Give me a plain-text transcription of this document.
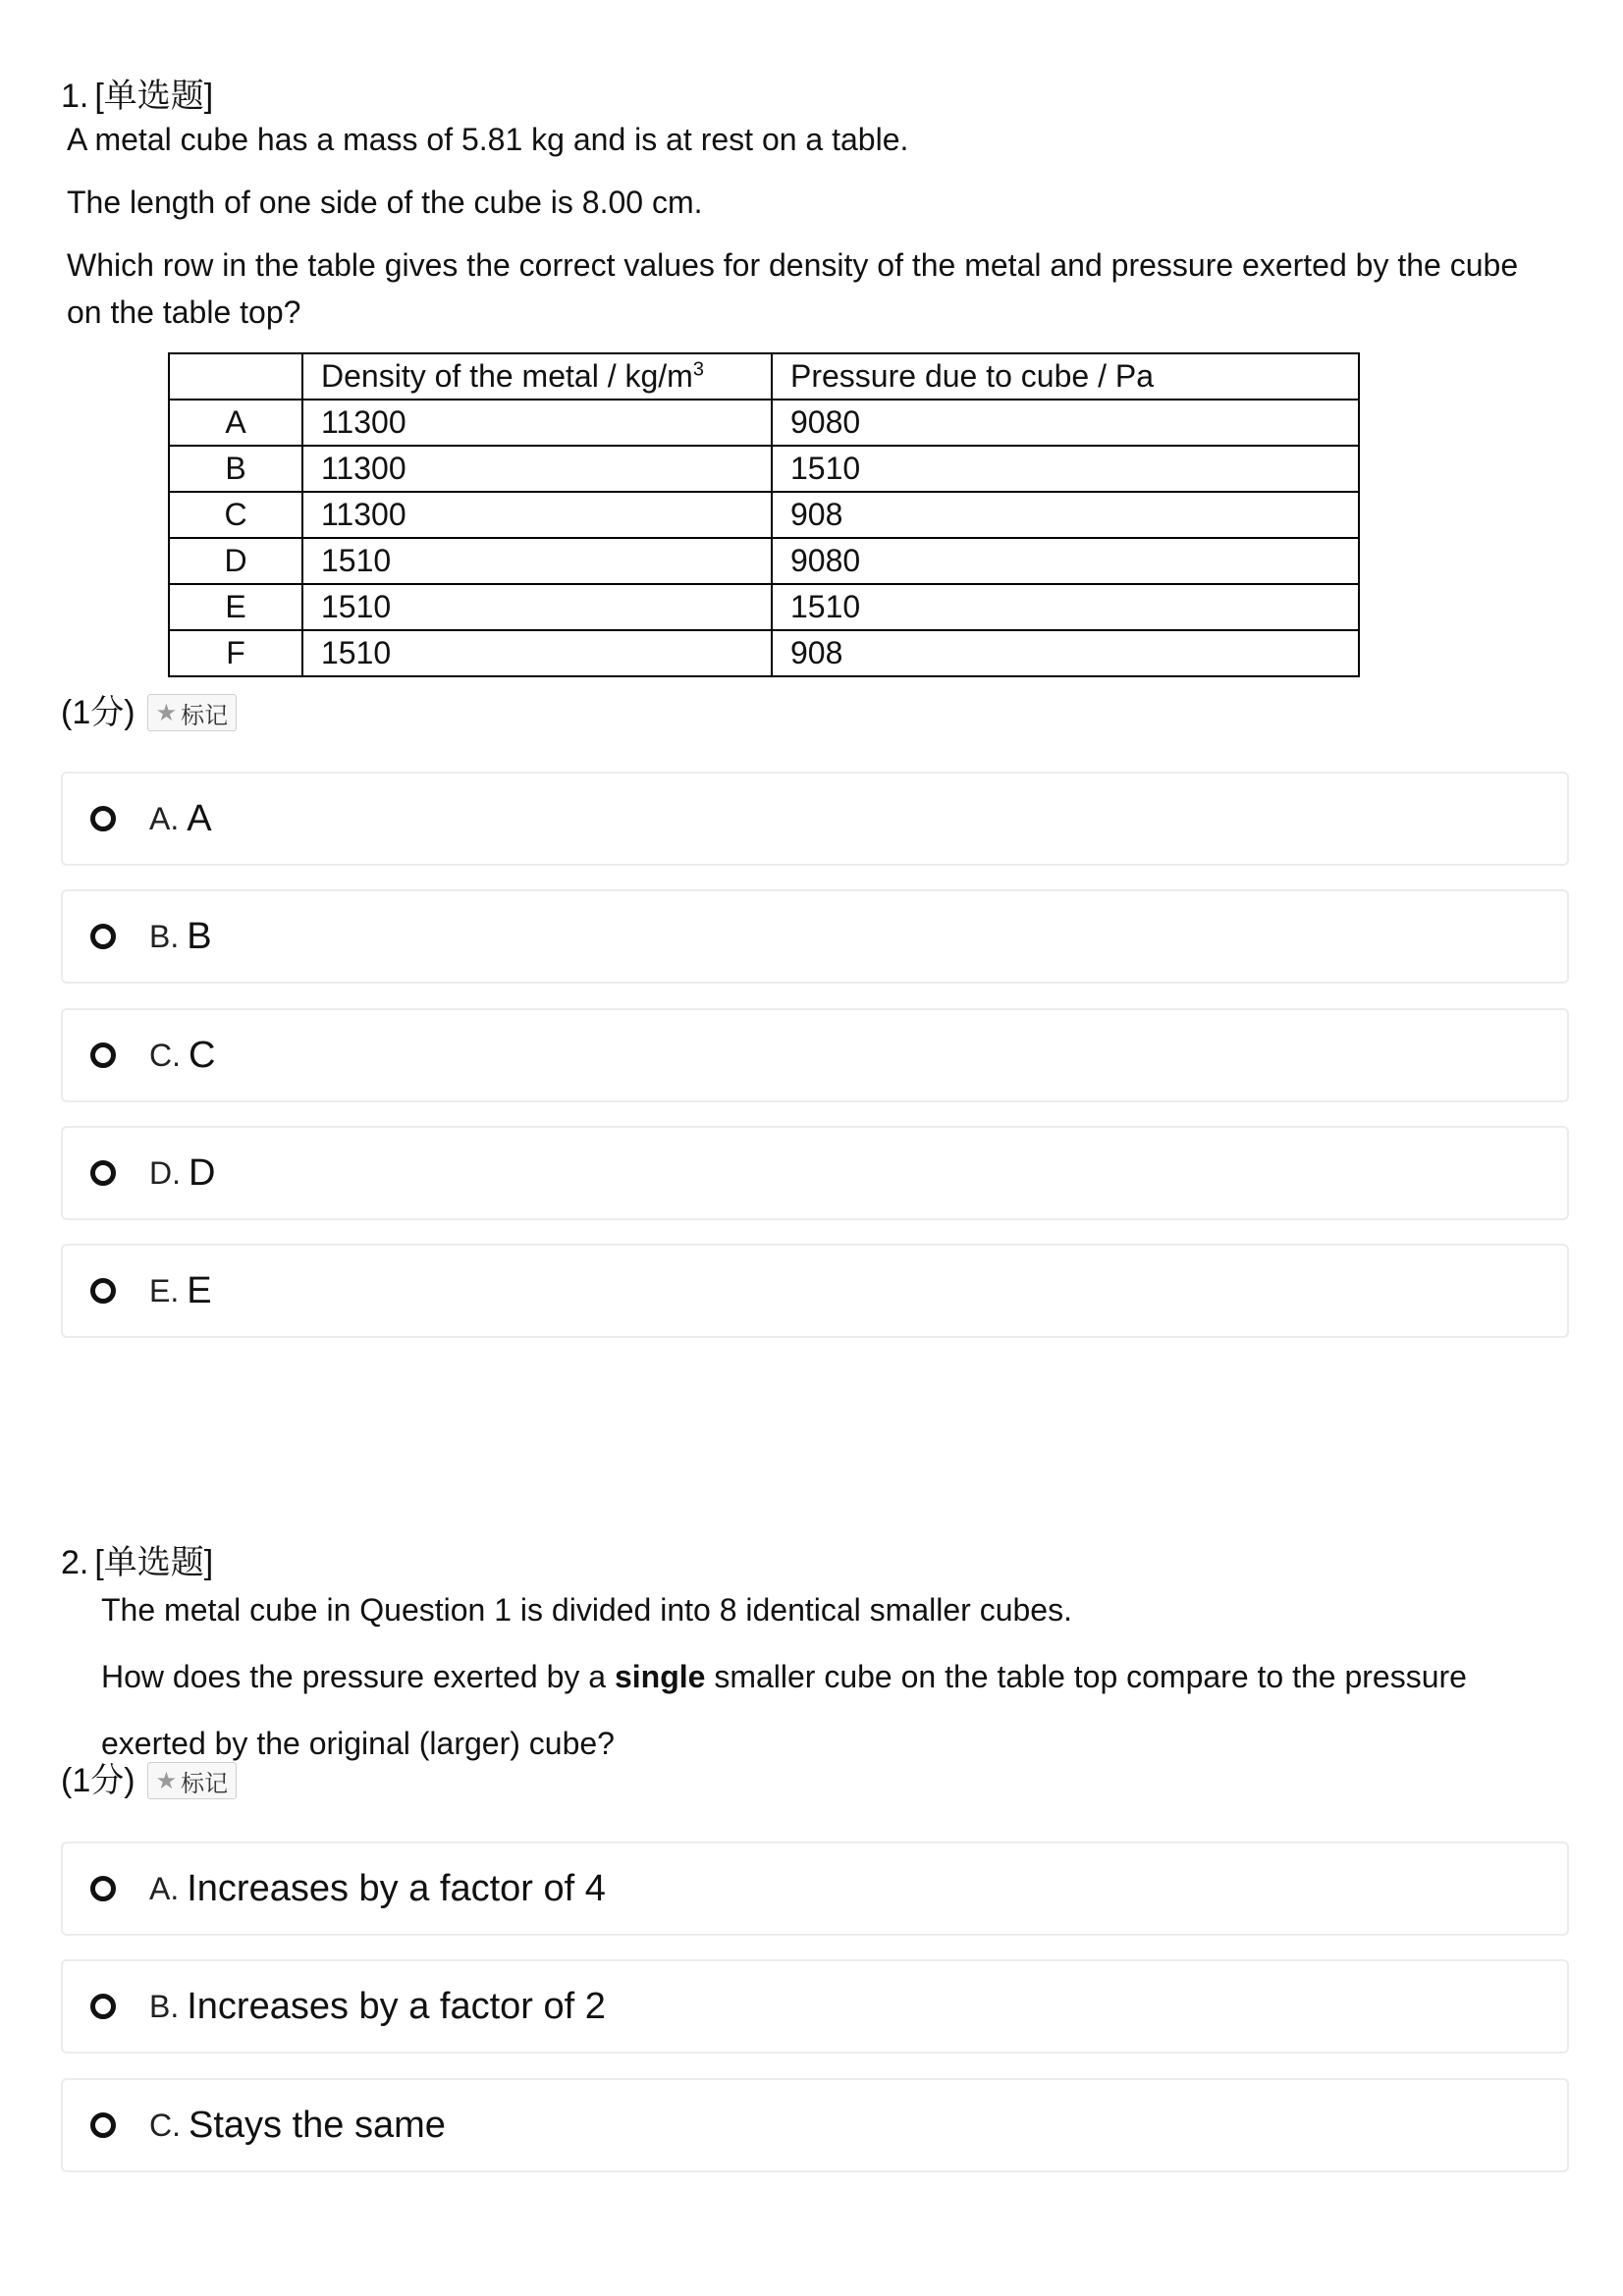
1. [单选题]

A metal cube has a mass of 5.81 kg and is at rest on a table.

The length of one side of the cube is 8.00 cm.

Which row in the table gives the correct values for density of the metal and pressure exerted by the cube on the table top?

	Density of the metal / $kg/m^3$	Pressure due to cube / Pa
A	11300	9080
B	11300	1510
C	11300	908
D	1510	9080
E	1510	1510
F	1510	908
(1分) ★ 标记
A. A
B. B
C. C
D. D
E. E
2. [单选题]

The metal cube in Question 1 is divided into 8 identical smaller cubes.

How does the pressure exerted by a single smaller cube on the table top compare to the pressure exerted by the original (larger) cube?

(1分) ★ 标记
A. Increases by a factor of 4
B. Increases by a factor of 2
C. Stays the same
